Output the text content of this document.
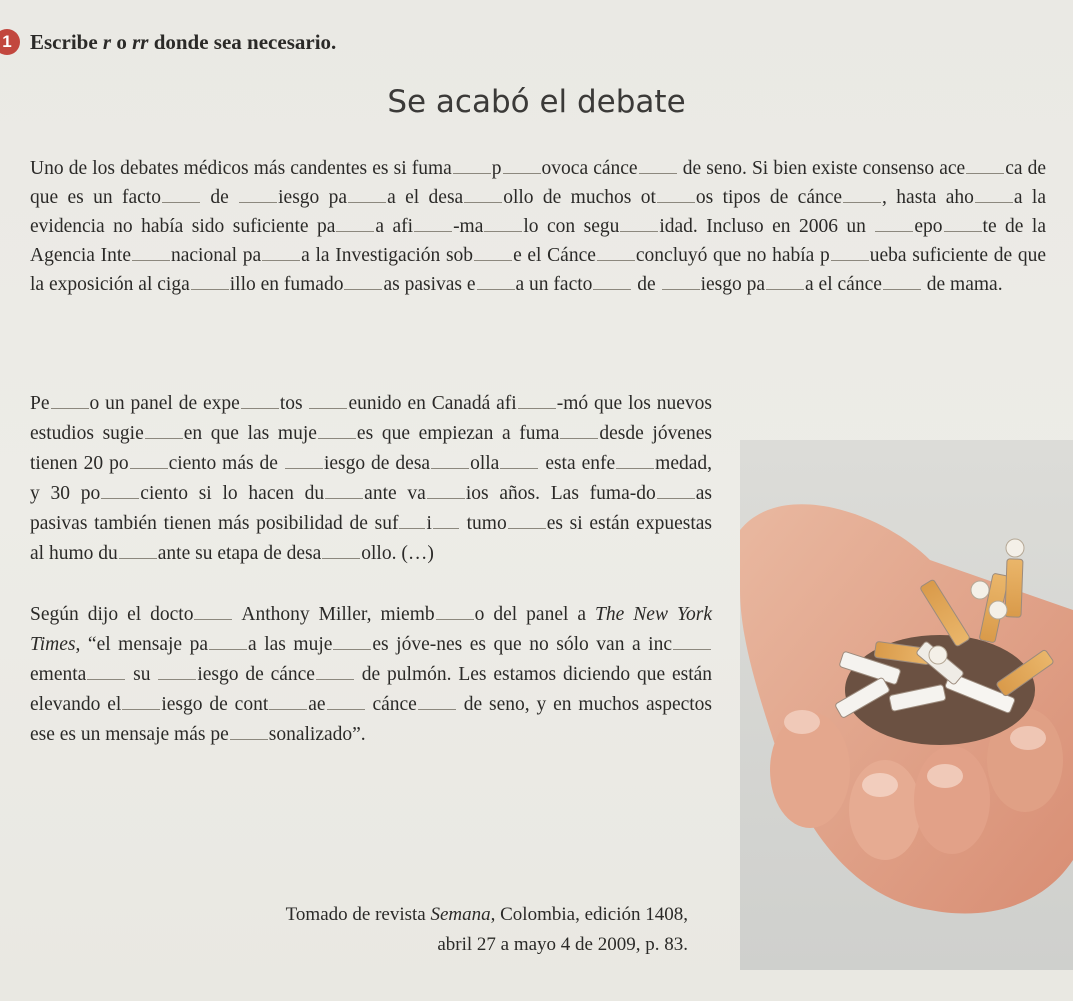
1 Escribe r o rr donde sea necesario.
Se acabó el debate
Uno de los debates médicos más candentes es si fuma p ovoca cánce de seno. Si bien existe consenso ace ca de que es un facto	de	iesgo pa a el desa ollo de muchos ot os tipos de cánce , hasta aho a la evidencia no había sido suficiente pa a afi -ma lo con segu idad. Incluso en 2006 un epo te de la Agencia Inte nacional pa a la Investigación sob e el Cánce concluyó que no había p ueba suficiente de que la exposición al ciga illo en fumado as pasivas e a un facto de iesgo pa a el cánce de mama.

Pe o un panel de expe tos eunido en Canadá afi -mó que los nuevos estudios sugie en que las muje es que empiezan a fuma desde jóvenes tienen 20 po ciento más de iesgo de desa olla esta enfe medad, y 30 po ciento si lo hacen du ante va ios años. Las fuma-do as pasivas también tienen más posibilidad de suf i tumo es si están expuestas al humo du ante su etapa de desa ollo. (…)

Según dijo el docto Anthony Miller, miemb o del panel a The New York Times, “el mensaje pa a las muje es jóve-nes es que no sólo van a incementa su iesgo de cánce de pulmón. Les estamos diciendo que están elevando el iesgo de cont ae cánce de seno, y en muchos aspectos ese es un mensaje más pe sonalizado”.

Tomado de revista Semana, Colombia, edición 1408,
abril 27 a mayo 4 de 2009, p. 83.
